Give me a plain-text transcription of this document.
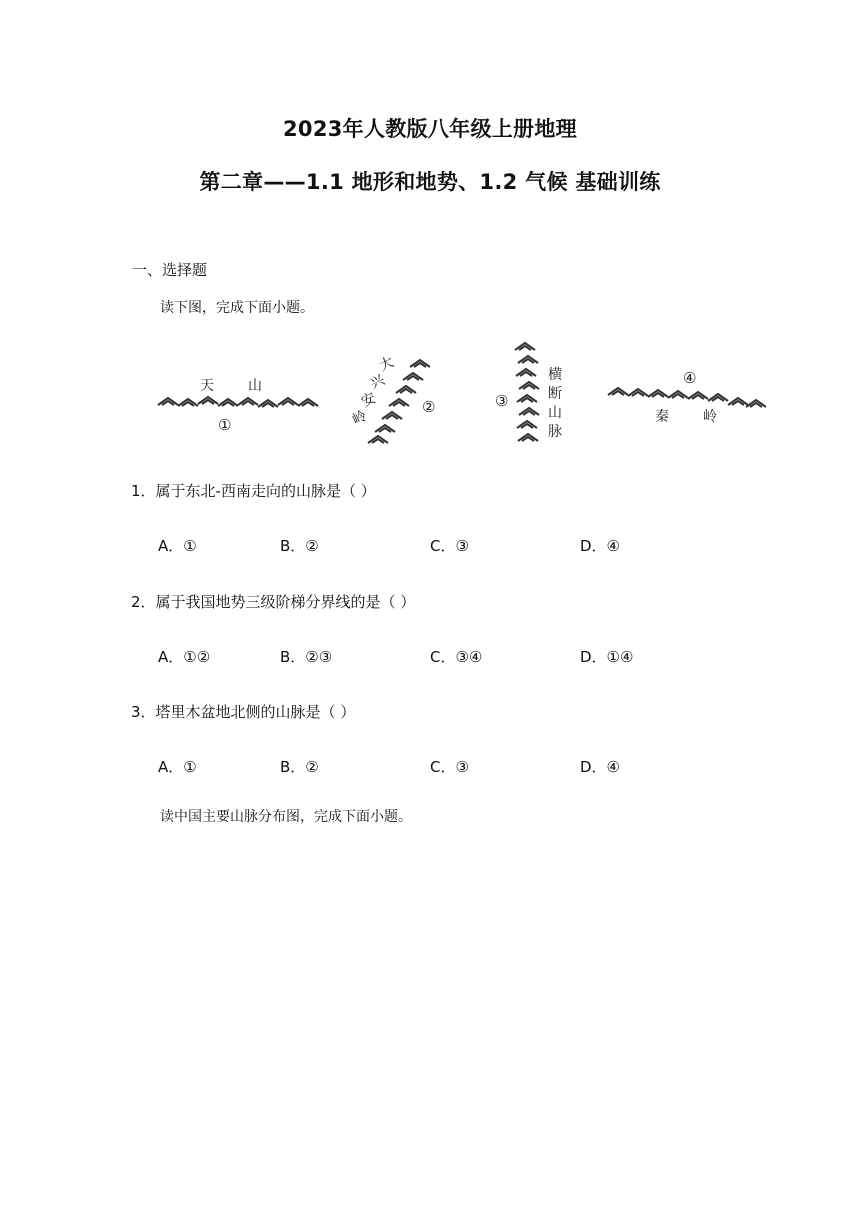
2023年人教版八年级上册地理
第二章——1.1 地形和地势、1.2 气候 基础训练
一、选择题
读下图，完成下面小题。
天 山
①
大
兴
安
岭
②
横
断
山
脉
③
④
秦 岭
1．属于东北-西南走向的山脉是（ ）
A．①	B．②	C．③	D．④
2．属于我国地势三级阶梯分界线的是（ ）
A．①②	B．②③	C．③④	D．①④
3．塔里木盆地北侧的山脉是（ ）
A．①	B．②	C．③	D．④
读中国主要山脉分布图，完成下面小题。
